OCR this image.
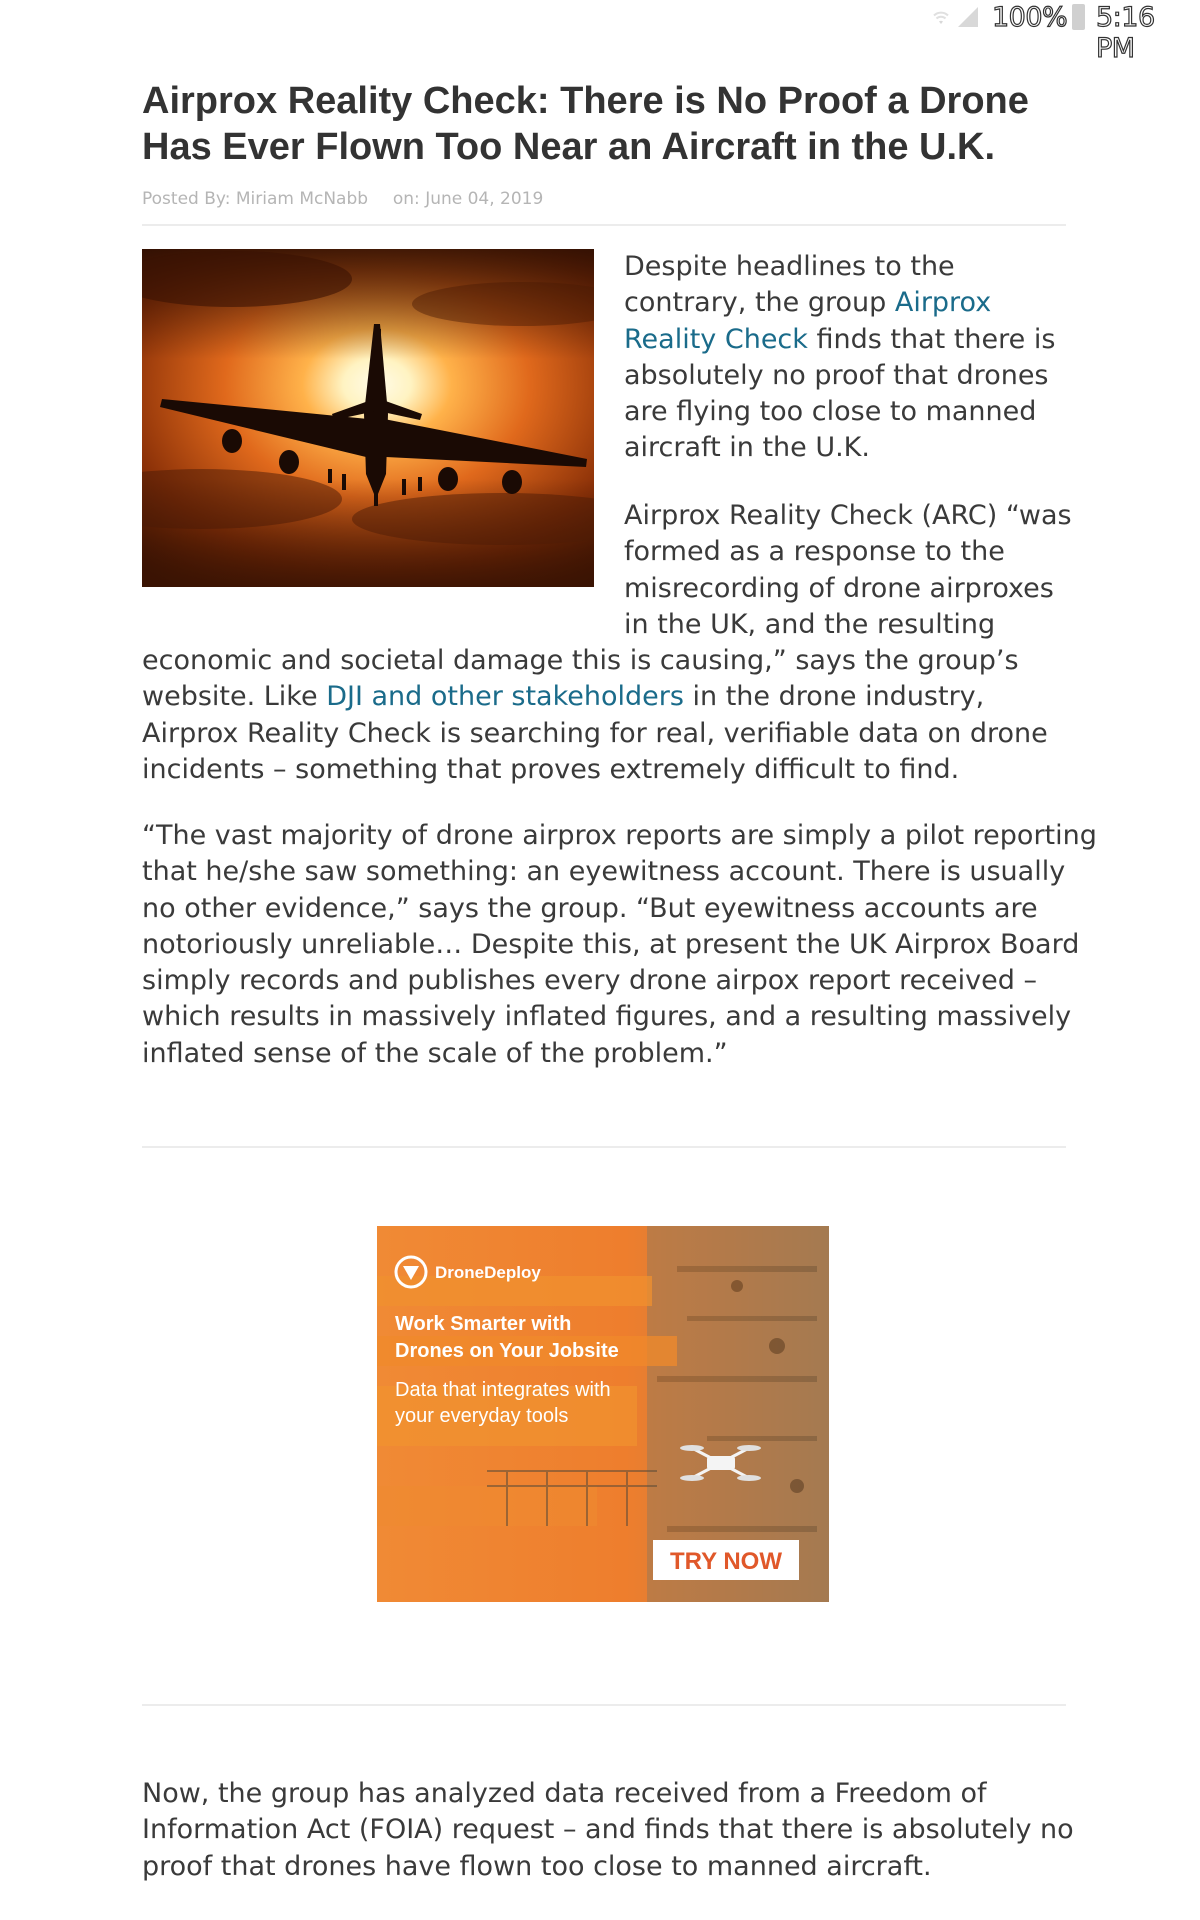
100% 5:16 PM
Airprox Reality Check: There is No Proof a Drone Has Ever Flown Too Near an Aircraft in the U.K.
Posted By: Miriam McNabb on: June 04, 2019
Despite headlines to the
contrary, the group Airprox
Reality Check finds that there is
absolutely no proof that drones
are flying too close to manned
aircraft in the U.K.
Airprox Reality Check (ARC) “was
formed as a response to the
misrecording of drone airproxes
in the UK, and the resulting
economic and societal damage this is causing,” says the group’s
website. Like DJI and other stakeholders in the drone industry,
Airprox Reality Check is searching for real, verifiable data on drone
incidents – something that proves extremely difficult to find.
“The vast majority of drone airprox reports are simply a pilot reporting
that he/she saw something: an eyewitness account. There is usually
no other evidence,” says the group. “But eyewitness accounts are
notoriously unreliable… Despite this, at present the UK Airprox Board
simply records and publishes every drone airpox report received –
which results in massively inflated figures, and a resulting massively
inflated sense of the scale of the problem.”
DroneDeploy
Work Smarter with
Drones on Your Jobsite
Data that integrates with
your everyday tools
TRY NOW
Now, the group has analyzed data received from a Freedom of
Information Act (FOIA) request – and finds that there is absolutely no
proof that drones have flown too close to manned aircraft.
